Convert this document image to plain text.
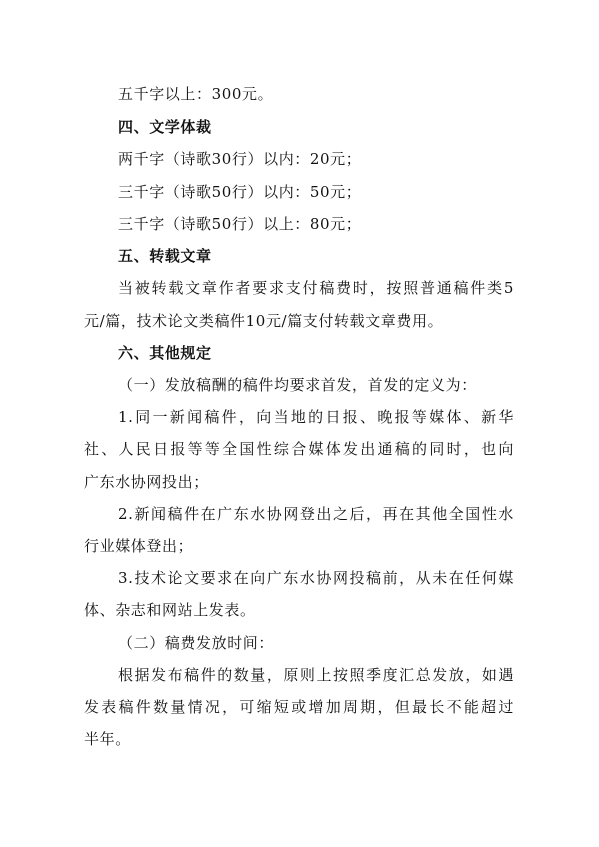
五千字以上：300元。
四、文学体裁
两千字（诗歌30行）以内：20元；
三千字（诗歌50行）以内：50元；
三千字（诗歌50行）以上：80元；
五、转载文章
当被转载文章作者要求支付稿费时，按照普通稿件类5
元/篇，技术论文类稿件10元/篇支付转载文章费用。
六、其他规定
（一）发放稿酬的稿件均要求首发，首发的定义为：
1.同一新闻稿件，向当地的日报、晚报等媒体、新华
社、人民日报等等全国性综合媒体发出通稿的同时，也向
广东水协网投出；
2.新闻稿件在广东水协网登出之后，再在其他全国性水
行业媒体登出；
3.技术论文要求在向广东水协网投稿前，从未在任何媒
体、杂志和网站上发表。
（二）稿费发放时间：
根据发布稿件的数量，原则上按照季度汇总发放，如遇
发表稿件数量情况，可缩短或增加周期，但最长不能超过
半年。
